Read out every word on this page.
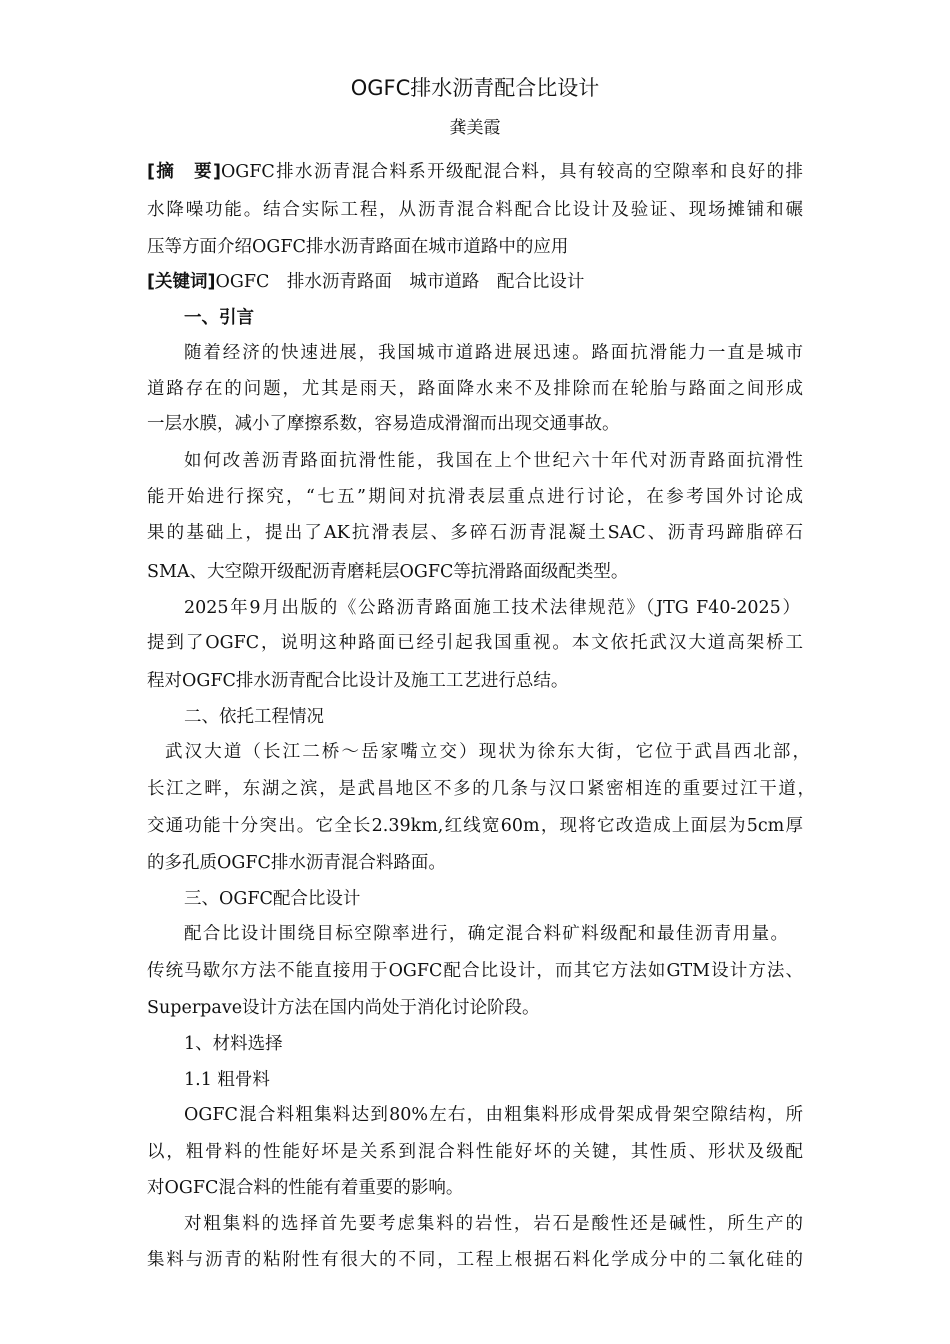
OGFC排水沥青配合比设计
龚美霞
[摘　要]OGFC排水沥青混合料系开级配混合料，具有较高的空隙率和良好的排
水降噪功能。结合实际工程，从沥青混合料配合比设计及验证、现场摊铺和碾
压等方面介绍OGFC排水沥青路面在城市道路中的应用
[关键词]OGFC　排水沥青路面　城市道路　配合比设计
一、引言
随着经济的快速进展，我国城市道路进展迅速。路面抗滑能力一直是城市
道路存在的问题，尤其是雨天，路面降水来不及排除而在轮胎与路面之间形成
一层水膜，减小了摩擦系数，容易造成滑溜而出现交通事故。
如何改善沥青路面抗滑性能，我国在上个世纪六十年代对沥青路面抗滑性
能开始进行探究，“七五”期间对抗滑表层重点进行讨论，在参考国外讨论成
果的基础上，提出了AK抗滑表层、多碎石沥青混凝土SAC、沥青玛蹄脂碎石
SMA、大空隙开级配沥青磨耗层OGFC等抗滑路面级配类型。
2025年9月出版的《公路沥青路面施工技术法律规范》（JTG F40-2025）
提到了OGFC，说明这种路面已经引起我国重视。本文依托武汉大道高架桥工
程对OGFC排水沥青配合比设计及施工工艺进行总结。
二、依托工程情况
武汉大道（长江二桥～岳家嘴立交）现状为徐东大街，它位于武昌西北部，
长江之畔，东湖之滨，是武昌地区不多的几条与汉口紧密相连的重要过江干道，
交通功能十分突出。它全长2.39km,红线宽60m，现将它改造成上面层为5cm厚
的多孔质OGFC排水沥青混合料路面。
三、OGFC配合比设计
配合比设计围绕目标空隙率进行，确定混合料矿料级配和最佳沥青用量。
传统马歇尔方法不能直接用于OGFC配合比设计，而其它方法如GTM设计方法、
Superpave设计方法在国内尚处于消化讨论阶段。
1、材料选择
1.1 粗骨料
OGFC混合料粗集料达到80%左右，由粗集料形成骨架成骨架空隙结构，所
以，粗骨料的性能好坏是关系到混合料性能好坏的关键，其性质、形状及级配
对OGFC混合料的性能有着重要的影响。
对粗集料的选择首先要考虑集料的岩性，岩石是酸性还是碱性，所生产的
集料与沥青的粘附性有很大的不同，工程上根据石料化学成分中的二氧化硅的
